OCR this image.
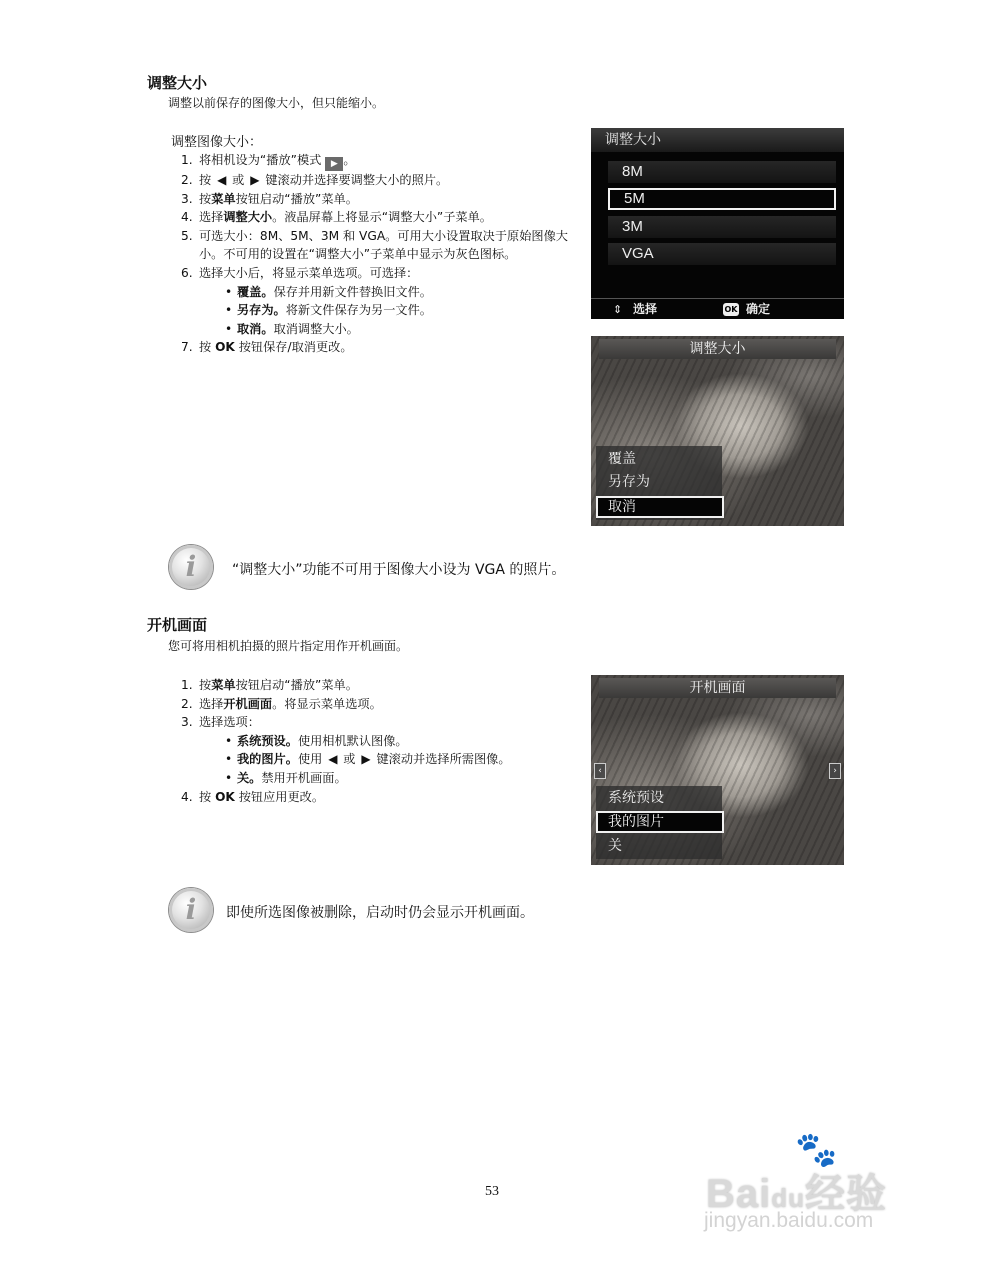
调整大小
调整以前保存的图像大小，但只能缩小。
调整图像大小：
1. 将相机设为“播放”模式 ▶ 。
2. 按 ◀ 或 ▶ 键滚动并选择要调整大小的照片。
3. 按菜单按钮启动“播放”菜单。
4. 选择调整大小。液晶屏幕上将显示“调整大小”子菜单。
5. 可选大小：8M、5M、3M 和 VGA。可用大小设置取决于原始图像大小。不可用的设置在“调整大小”子菜单中显示为灰色图标。
6. 选择大小后，将显示菜单选项。可选择：
• 覆盖。保存并用新文件替换旧文件。
• 另存为。将新文件保存为另一文件。
• 取消。取消调整大小。
7. 按 OK 按钮保存/取消更改。
调整大小
8M
5M
3M
VGA
⇕ 选择	OK 确定
调整大小
覆盖
另存为
取消
i	“调整大小”功能不可用于图像大小设为 VGA 的照片。
开机画面
您可将用相机拍摄的照片指定用作开机画面。
1. 按菜单按钮启动“播放”菜单。
2. 选择开机画面。将显示菜单选项。
3. 选择选项：
• 系统预设。使用相机默认图像。
• 我的图片。使用 ◀ 或 ▶ 键滚动并选择所需图像。
• 关。禁用开机画面。
4. 按 OK 按钮应用更改。
开机画面
‹	›
系统预设
我的图片
关
i	即使所选图像被删除，启动时仍会显示开机画面。
53
🐾
Baidu经验
jingyan.baidu.com
